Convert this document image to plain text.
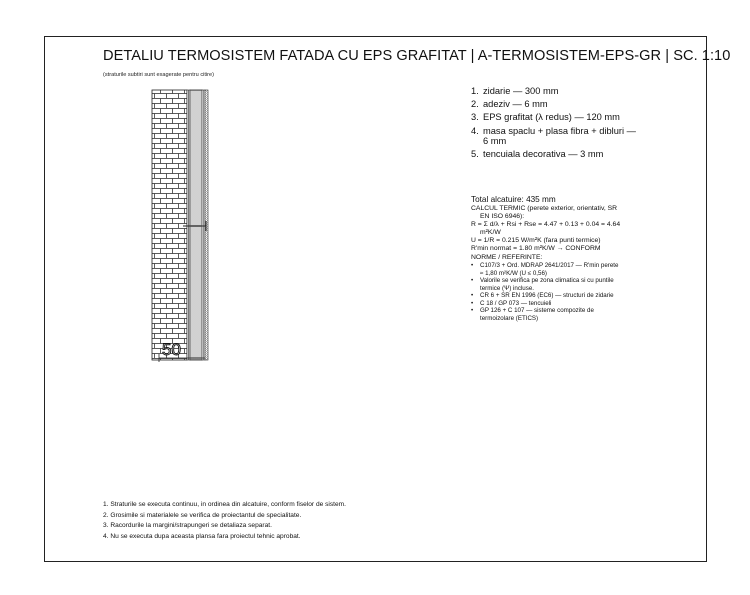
DETALIU TERMOSISTEM FATADA CU EPS GRAFITAT | A-TERMOSISTEM-EPS-GR | SC. 1:10
(straturile subtiri sunt exagerate pentru citire)
50
1. zidarie — 300 mm
2. adeziv — 6 mm
3. EPS grafitat (λ redus) — 120 mm
4. masa spaclu + plasa fibra + dibluri — 6 mm
5. tencuiala decorativa — 3 mm
Total alcatuire: 435 mm
CALCUL TERMIC (perete exterior, orientativ, SR EN ISO 6946):
R = Σ d/λ + Rsi + Rse = 4.47 + 0.13 + 0.04 = 4.64 m²K/W
U = 1/R = 0.215 W/m²K (fara punti termice)
R'min normat = 1.80 m²K/W → CONFORM
NORME / REFERINTE:
• C107/3 + Ord. MDRAP 2641/2017 — R'min perete ≈ 1,80 m²K/W (U ≤ 0,56)
• Valorile se verifica pe zona climatica si cu puntile termice (Ψ) incluse.
• CR 6 + SR EN 1996 (EC6) — structuri de zidarie
• C 18 / GP 073 — tencuieli
• GP 126 + C 107 — sisteme compozite de termoizolare (ETICS)
1. Straturile se executa continuu, in ordinea din alcatuire, conform fiselor de sistem.
2. Grosimile si materialele se verifica de proiectantul de specialitate.
3. Racordurile la margini/strapungeri se detaliaza separat.
4. Nu se executa dupa aceasta plansa fara proiectul tehnic aprobat.
